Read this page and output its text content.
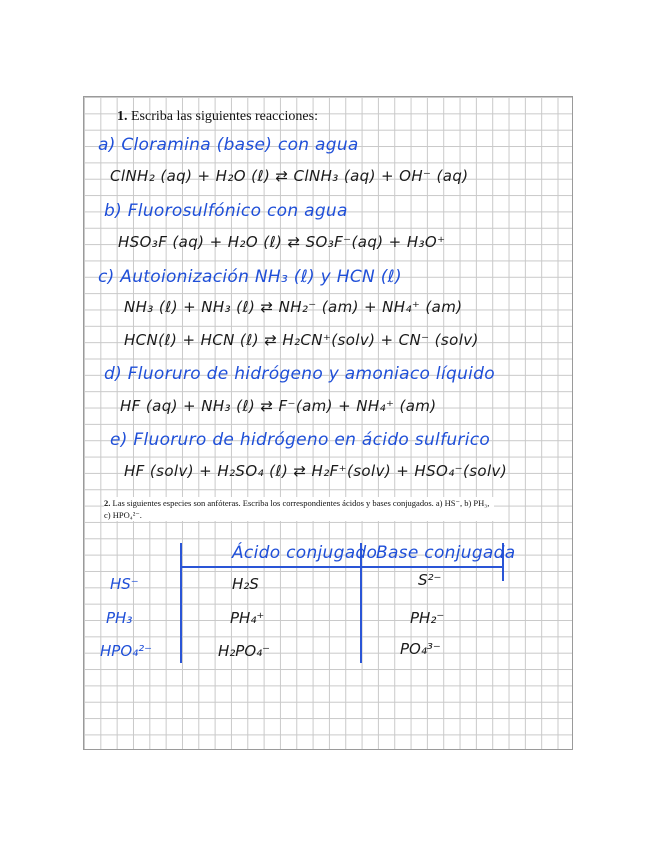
1. Escriba las siguientes reacciones:
a) Cloramina (base) con agua
ClNH₂ (aq) + H₂O (ℓ) ⇄ ClNH₃ (aq) + OH⁻ (aq)
b) Fluorosulfónico con agua
HSO₃F (aq) + H₂O (ℓ) ⇄ SO₃F⁻(aq) + H₃O⁺
c) Autoionización NH₃ (ℓ) y HCN (ℓ)
NH₃ (ℓ) + NH₃ (ℓ) ⇄ NH₂⁻ (am) + NH₄⁺ (am)
HCN(ℓ) + HCN (ℓ) ⇄ H₂CN⁺(solv) + CN⁻ (solv)
d) Fluoruro de hidrógeno y amoniaco líquido
HF (aq) + NH₃ (ℓ) ⇄ F⁻(am) + NH₄⁺ (am)
e) Fluoruro de hidrógeno en ácido sulfurico
HF (solv) + H₂SO₄ (ℓ) ⇄ H₂F⁺(solv) + HSO₄⁻(solv)
2. Las siguientes especies son anfóteras. Escriba los correspondientes ácidos y bases conjugados. a) HS⁻, b) PH₃, c) HPO₄²⁻.
Ácido conjugado
Base conjugada
HS⁻	H₂S	S²⁻
PH₃	PH₄⁺	PH₂⁻
HPO₄²⁻	H₂PO₄⁻	PO₄³⁻
